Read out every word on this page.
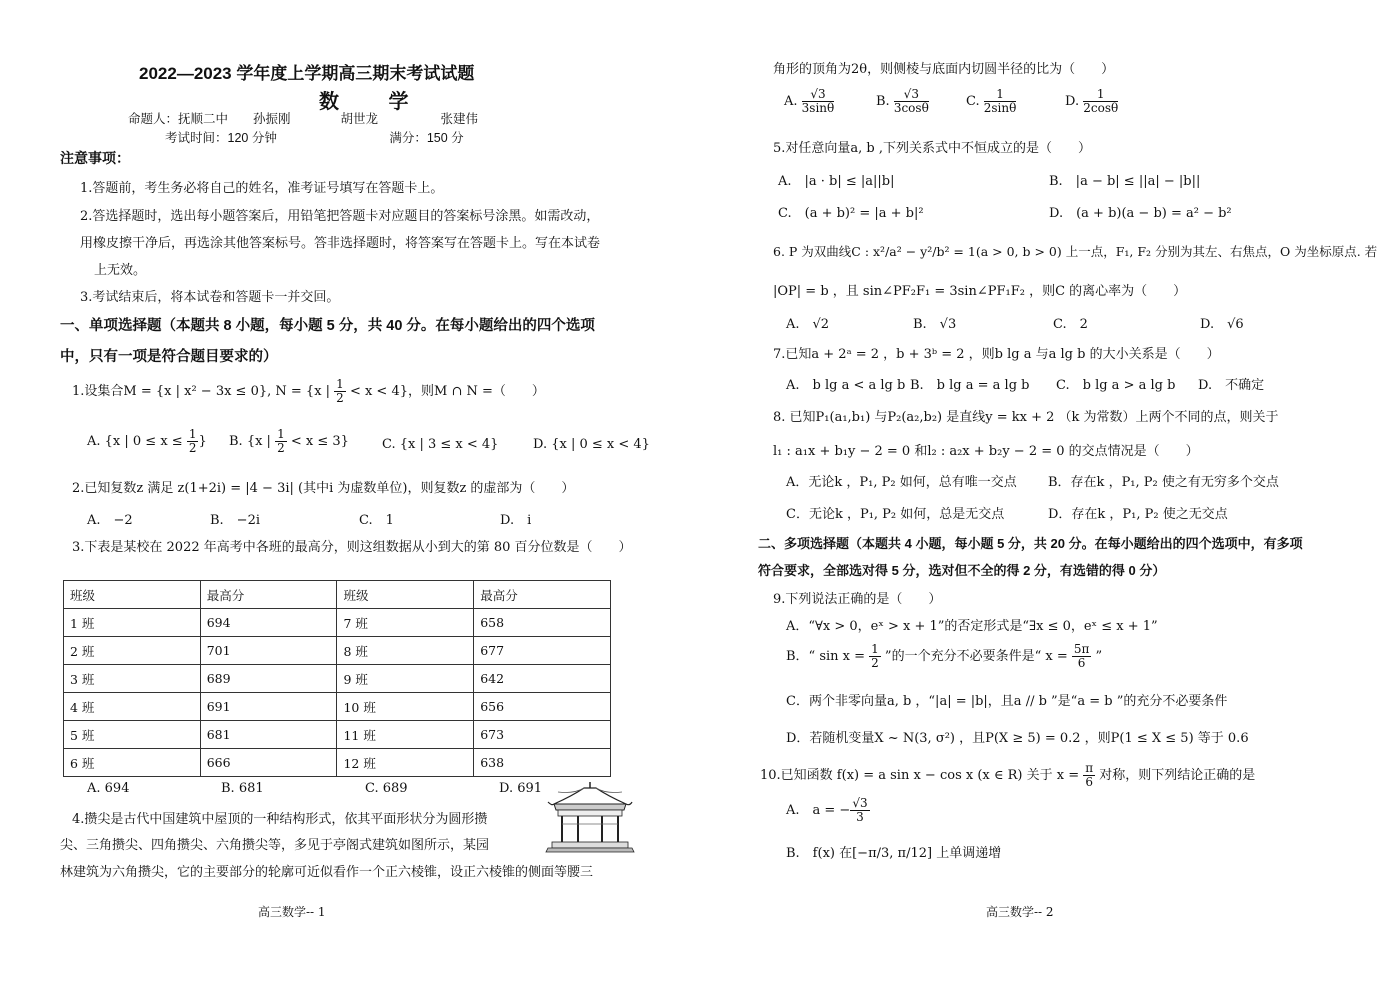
2022—2023 学年度上学期高三期末考试试题
数 学
命题人：抚顺二中　　孙振刚　　　　胡世龙　　　　　张建伟
考试时间：120 分钟　　　　　　　　　满分：150 分
注意事项：
1.答题前，考生务必将自己的姓名，准考证号填写在答题卡上。
2.答选择题时，选出每小题答案后，用铅笔把答题卡对应题目的答案标号涂黑。如需改动，
用橡皮擦干净后，再选涂其他答案标号。答非选择题时，将答案写在答题卡上。写在本试卷
上无效。
3.考试结束后，将本试卷和答题卡一并交回。
一、单项选择题（本题共 8 小题，每小题 5 分，共 40 分。在每小题给出的四个选项
中，只有一项是符合题目要求的）
1.设集合M = {x | x² − 3x ≤ 0}, N = {x | $\frac{1}{2} < x < 4$}，则M ∩ N =（　　）
A. {x | $0 \le x \le \frac{1}{2}$ } B. {x | $\frac{1}{2} < x \le 3$}	C. {x | 3 ≤ x < 4}	D. {x | 0 ≤ x < 4}
2.已知复数z 满足 z(1+2i) = |4 − 3i| (其中i 为虚数单位)，则复数z 的虚部为（　　）
A.　−2	B.　−2i	C.　1	D.　i
3.下表是某校在 2022 年高考中各班的最高分，则这组数据从小到大的第 80 百分位数是（　　）
班级	最高分	班级	最高分
1 班	694	7 班	658
2 班	701	8 班	677
3 班	689	9 班	642
4 班	691	10 班	656
5 班	681	11 班	673
6 班	666	12 班	638
A. 694	B. 681	C. 689	D. 691
4.攒尖是古代中国建筑中屋顶的一种结构形式，依其平面形状分为圆形攒
尖、三角攒尖、四角攒尖、六角攒尖等，多见于亭阁式建筑如图所示，某园
林建筑为六角攒尖，它的主要部分的轮廓可近似看作一个正六棱锥，设正六棱锥的侧面等腰三
高三数学-- 1
角形的顶角为2θ，则侧棱与底面内切圆半径的比为（　　）
A. $\frac{√3}{3\sin\theta}$	B. $\frac{√3}{3\cos\theta}$	C. $\frac{1}{2\sin\theta}$	D. $\frac{1}{2\cos\theta}$
5.对任意向量a, b ,下列关系式中不恒成立的是（　　）
A.　|a · b| ≤ |a||b|	B.　|a − b| ≤ ||a| − |b||
C.　(a + b)² = |a + b|²	D.　(a + b)(a − b) = a² − b²
6. P 为双曲线C : x²/a² − y²/b² = 1(a > 0, b > 0) 上一点，F₁, F₂ 分别为其左、右焦点，O 为坐标原点. 若
|OP| = b ，且 sin∠PF₂F₁ = 3sin∠PF₁F₂ ，则C 的离心率为（　　）
A.　√2	B.　√3	C.　2	D.　√6
7.已知a + 2ᵃ = 2 ，b + 3ᵇ = 2 ，则b lg a 与a lg b 的大小关系是（　　）
A.　b lg a < a lg b B.　b lg a = a lg b C.　b lg a > a lg b D.　不确定
8. 已知P₁(a₁,b₁) 与P₂(a₂,b₂) 是直线y = kx + 2 （k 为常数）上两个不同的点，则关于
l₁ : a₁x + b₁y − 2 = 0 和l₂ : a₂x + b₂y − 2 = 0 的交点情况是（　　）
A．无论k ，P₁, P₂ 如何，总有唯一交点 B．存在k ，P₁, P₂ 使之有无穷多个交点
C．无论k ，P₁, P₂ 如何，总是无交点	D．存在k ，P₁, P₂ 使之无交点
二、多项选择题（本题共 4 小题，每小题 5 分，共 20 分。在每小题给出的四个选项中，有多项
符合要求，全部选对得 5 分，选对但不全的得 2 分，有选错的得 0 分）
9.下列说法正确的是（　　）
A．“∀x > 0，eˣ > x + 1”的否定形式是“∃x ≤ 0，eˣ ≤ x + 1”
B．“ $\sin x = \frac{1}{2}$ ”的一个充分不必要条件是“ $x = \frac{5\pi}{6}$ ”
C．两个非零向量a, b ，“|a| = |b|，且a // b ”是“a = b ”的充分不必要条件
D．若随机变量X ~ N(3, σ²) ，且P(X ≥ 5) = 0.2 ，则P(1 ≤ X ≤ 5) 等于 0.6
10.已知函数 f(x) = a sin x − cos x (x ∈ R) 关于 $x = \frac{\pi}{6}$ 对称，则下列结论正确的是
A.　a = − $\frac{√3}{3}$
B.　f(x) 在[−π/3, π/12] 上单调递增
高三数学-- 2
